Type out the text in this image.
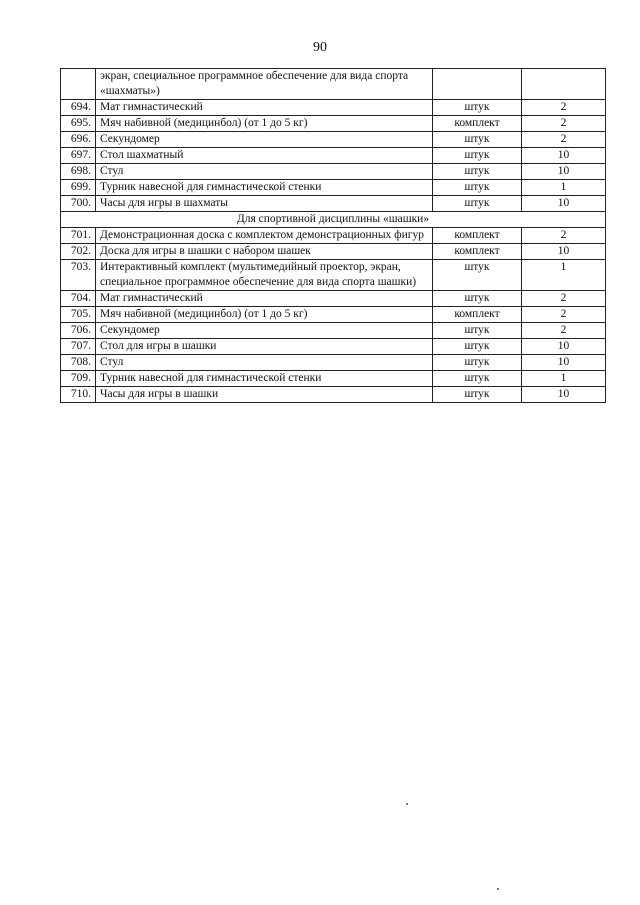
90
	экран, специальное программное обеспечение для вида спорта «шахматы»)		
694.	Мат гимнастический	штук	2
695.	Мяч набивной (медицинбол) (от 1 до 5 кг)	комплект	2
696.	Секундомер	штук	2
697.	Стол шахматный	штук	10
698.	Стул	штук	10
699.	Турник навесной для гимнастической стенки	штук	1
700.	Часы для игры в шахматы	штук	10
Для спортивной дисциплины «шашки»			
701.	Демонстрационная доска с комплектом демонстрационных фигур	комплект	2
702.	Доска для игры в шашки с набором шашек	комплект	10
703.	Интерактивный комплект (мультимедийный проектор, экран, специальное программное обеспечение для вида спорта шашки)	штук	1
704.	Мат гимнастический	штук	2
705.	Мяч набивной (медицинбол) (от 1 до 5 кг)	комплект	2
706.	Секундомер	штук	2
707.	Стол для игры в шашки	штук	10
708.	Стул	штук	10
709.	Турник навесной для гимнастической стенки	штук	1
710.	Часы для игры в шашки	штук	10
